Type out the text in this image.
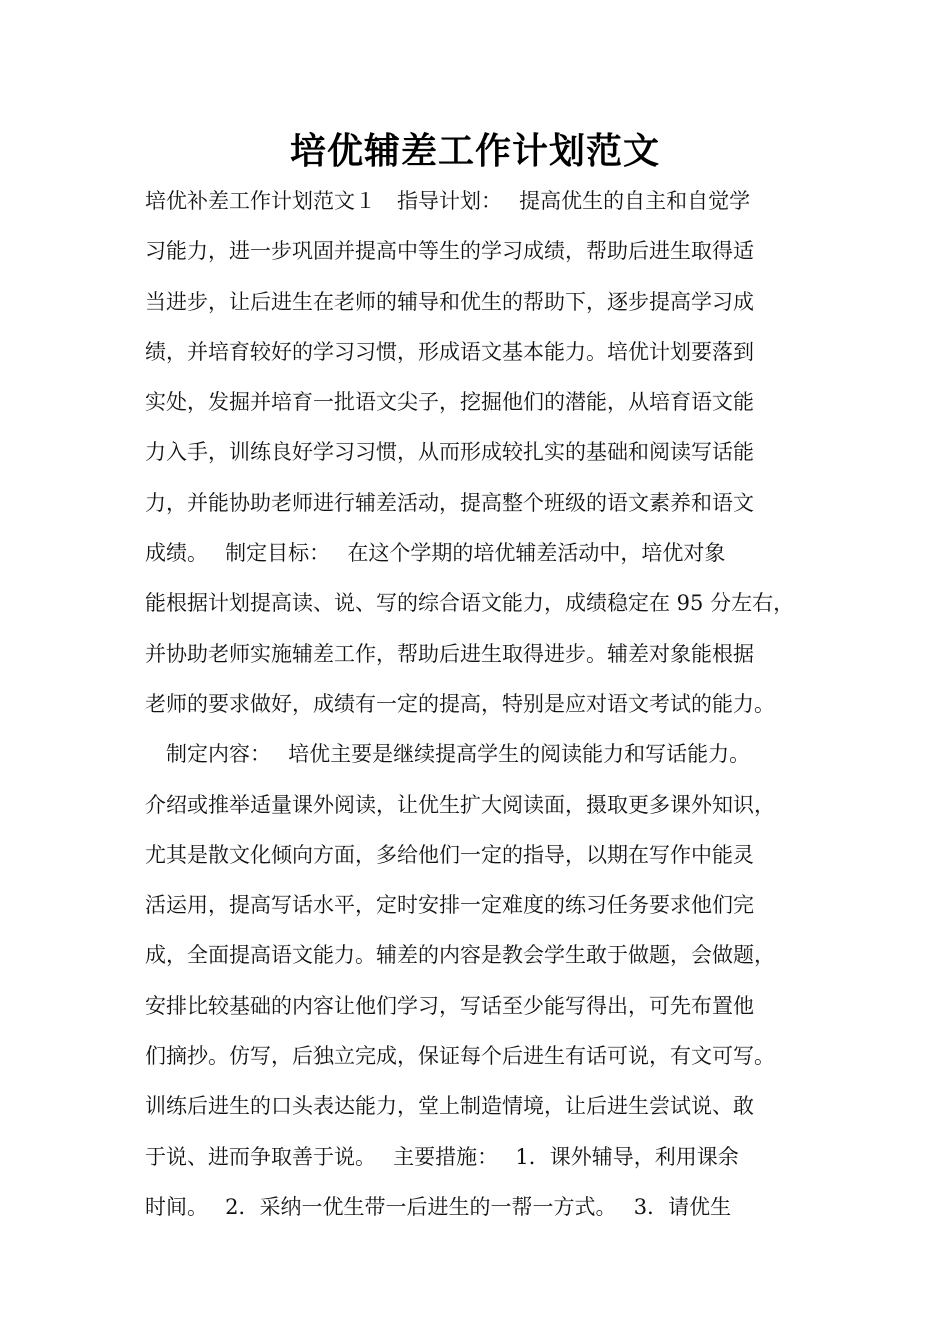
培优辅差工作计划范文
培优补差工作计划范文１　指导计划：　 提高优生的自主和自觉学
习能力，进一步巩固并提高中等生的学习成绩，帮助后进生取得适
当进步，让后进生在老师的辅导和优生的帮助下，逐步提高学习成
绩，并培育较好的学习习惯，形成语文基本能力。培优计划要落到
实处，发掘并培育一批语文尖子，挖掘他们的潜能，从培育语文能
力入手，训练良好学习习惯，从而形成较扎实的基础和阅读写话能
力，并能协助老师进行辅差活动，提高整个班级的语文素养和语文
成绩。　 制定目标：　 在这个学期的培优辅差活动中，培优对象
能根据计划提高读、说、写的综合语文能力，成绩稳定在 95 分左右，
并协助老师实施辅差工作，帮助后进生取得进步。辅差对象能根据
老师的要求做好，成绩有一定的提高，特别是应对语文考试的能力。
　制定内容：　 培优主要是继续提高学生的阅读能力和写话能力。
介绍或推举适量课外阅读，让优生扩大阅读面，摄取更多课外知识，
尤其是散文化倾向方面，多给他们一定的指导，以期在写作中能灵
活运用，提高写话水平，定时安排一定难度的练习任务要求他们完
成，全面提高语文能力。辅差的内容是教会学生敢于做题，会做题，
安排比较基础的内容让他们学习，写话至少能写得出，可先布置他
们摘抄。仿写，后独立完成，保证每个后进生有话可说，有文可写。
训练后进生的口头表达能力，堂上制造情境，让后进生尝试说、敢
于说、进而争取善于说。　 主要措施：　 1．课外辅导，利用课余
时间。　 2．采纳一优生带一后进生的一帮一方式。　 3．请优生
